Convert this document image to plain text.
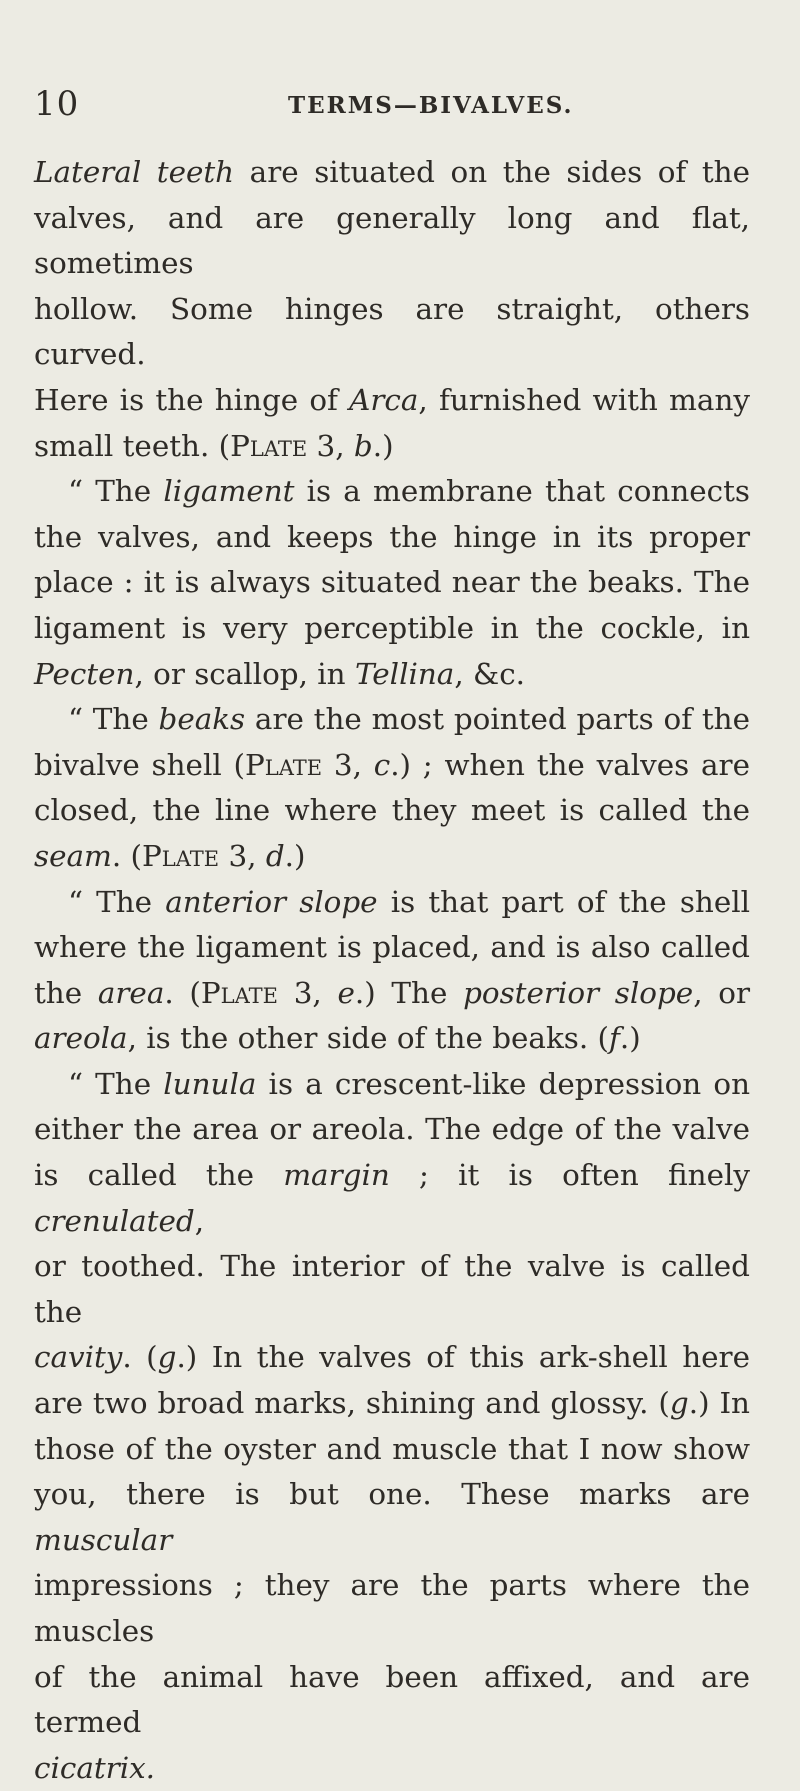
10	TERMS—BIVALVES.

Lateral teeth are situated on the sides of the

valves, and are generally long and flat, sometimes

hollow. Some hinges are straight, others curved.

Here is the hinge of Arca, furnished with many

small teeth. (Plate 3, b.)

“ The ligament is a membrane that connects

the valves, and keeps the hinge in its proper

place : it is always situated near the beaks. The

ligament is very perceptible in the cockle, in

Pecten, or scallop, in Tellina, &c.

“ The beaks are the most pointed parts of the

bivalve shell (Plate 3, c.) ; when the valves are

closed, the line where they meet is called the

seam. (Plate 3, d.)

“ The anterior slope is that part of the shell

where the ligament is placed, and is also called

the area. (Plate 3, e.) The posterior slope, or

areola, is the other side of the beaks. (f.)

“ The lunula is a crescent-like depression on

either the area or areola. The edge of the valve

is called the margin ; it is often finely crenulated,

or toothed. The interior of the valve is called the

cavity. (g.) In the valves of this ark-shell here

are two broad marks, shining and glossy. (g.) In

those of the oyster and muscle that I now show

you, there is but one. These marks are muscular

impressions ; they are the parts where the muscles

of the animal have been affixed, and are termed

cicatrix.
